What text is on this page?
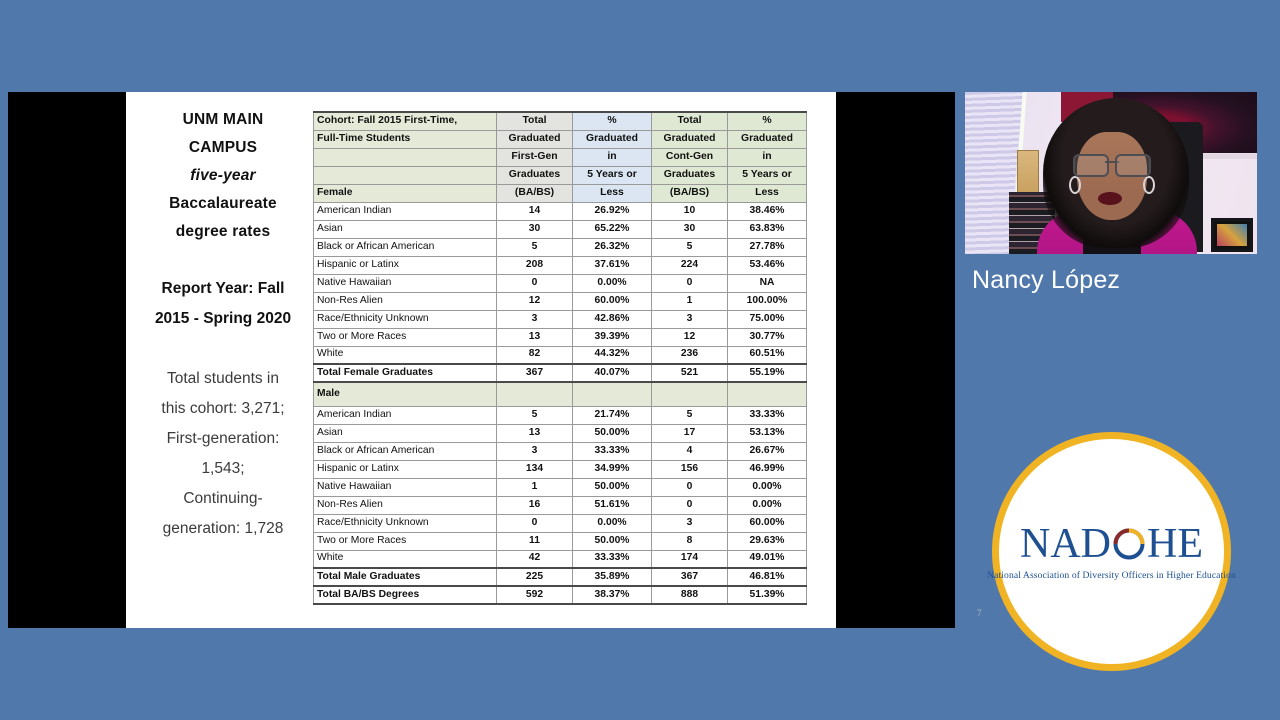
UNM MAIN
CAMPUS
five-year
Baccalaureate
degree rates
Report Year: Fall
2015 - Spring 2020
Total students in
this cohort: 3,271;
First-generation:
1,543;
Continuing-
generation: 1,728
Cohort: Fall 2015 First-Time,	Total	%	Total	%
Full-Time Students	Graduated	Graduated	Graduated	Graduated
	First-Gen	in	Cont-Gen	in
	Graduates	5 Years or	Graduates	5 Years or
Female	(BA/BS)	Less	(BA/BS)	Less
American Indian	14	26.92%	10	38.46%
Asian	30	65.22%	30	63.83%
Black or African American	5	26.32%	5	27.78%
Hispanic or Latinx	208	37.61%	224	53.46%
Native Hawaiian	0	0.00%	0	NA
Non-Res Alien	12	60.00%	1	100.00%
Race/Ethnicity Unknown	3	42.86%	3	75.00%
Two or More Races	13	39.39%	12	30.77%
White	82	44.32%	236	60.51%
Total Female Graduates	367	40.07%	521	55.19%
Male				
American Indian	5	21.74%	5	33.33%
Asian	13	50.00%	17	53.13%
Black or African American	3	33.33%	4	26.67%
Hispanic or Latinx	134	34.99%	156	46.99%
Native Hawaiian	1	50.00%	0	0.00%
Non-Res Alien	16	51.61%	0	0.00%
Race/Ethnicity Unknown	0	0.00%	3	60.00%
Two or More Races	11	50.00%	8	29.63%
White	42	33.33%	174	49.01%
Total Male Graduates	225	35.89%	367	46.81%
Total BA/BS Degrees	592	38.37%	888	51.39%
7
Nancy López
NAD HE
National Association of Diversity Officers in Higher Education
